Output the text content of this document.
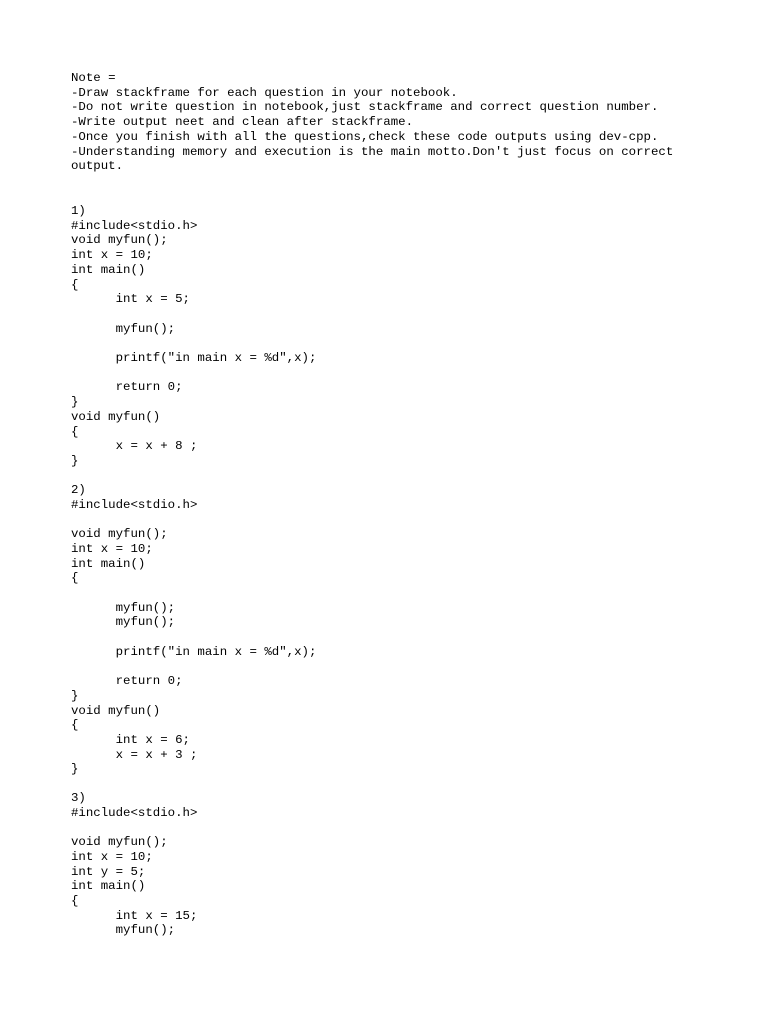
Note =
-Draw stackframe for each question in your notebook.
-Do not write question in notebook,just stackframe and correct question number.
-Write output neet and clean after stackframe.
-Once you finish with all the questions,check these code outputs using dev-cpp.
-Understanding memory and execution is the main motto.Don't just focus on correct
output.
1)
#include<stdio.h>
void myfun();
int x = 10;
int main()
{
int x = 5;

myfun();

printf("in main x = %d",x);

return 0;
}
void myfun()
{
x = x + 8 ;
}
2)
#include<stdio.h>

void myfun();
int x = 10;
int main()
{

myfun();
myfun();

printf("in main x = %d",x);

return 0;
}
void myfun()
{
int x = 6;
x = x + 3 ;
}
3)
#include<stdio.h>

void myfun();
int x = 10;
int y = 5;
int main()
{
int x = 15;
myfun();
